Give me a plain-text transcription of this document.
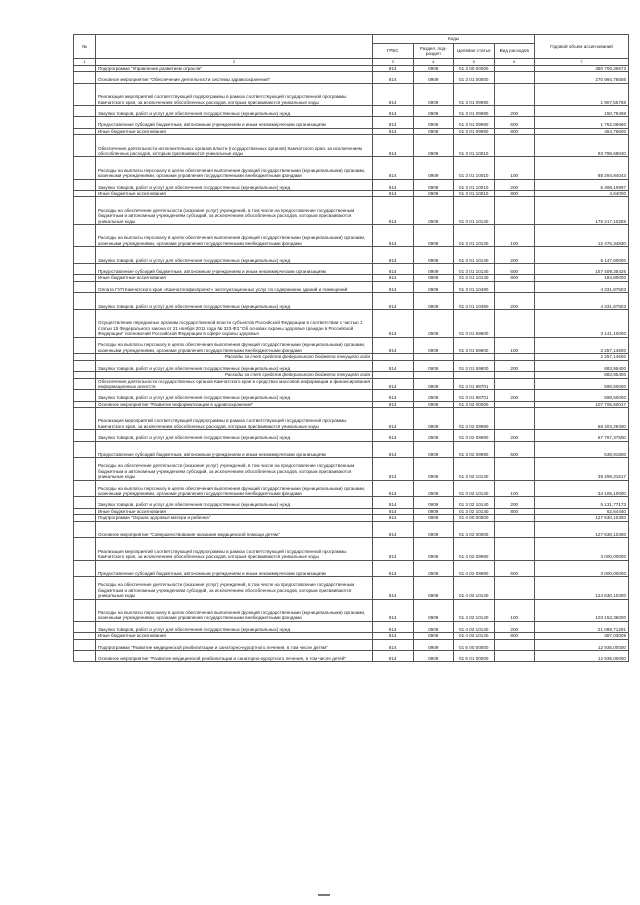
№		Коды				Годовой объем ассигнований
		ГРБС	Раздел, под-раздел	Целевая статья	Вид расходов	
1	2	3	4	5	6	7
	Подпрограмма "Управление развитием отрасли"	814	0909	01 3 00 00000		380 700,36573
	Основное мероприятие "Обеспечение деятельности системы здравоохранения"	814	0909	01 3 01 00000		270 994,76556
	Реализация мероприятий соответствующей подпрограммы в рамках соответствующей государственной программы Камчатского края, за исключением обособленных расходов, которым присваиваются уникальные коды	814	0909	01 3 01 09990		1 907,55758
	Закупка товаров, работ и услуг для обеспечения государственных (муниципальных) нужд	814	0909	01 3 01 09990	200	150,79498
	Предоставление субсидий бюджетным, автономным учреждениям и иным некоммерческим организациям	814	0909	01 3 01 09990	600	1 752,06660
	Иные бюджетные ассигнования	814	0909	01 3 01 09990	800	364,76600
	Обеспечение деятельности исполнительных органов власти (государственных органов) Камчатского края, за исключением обособленных расходов, которым присваиваются уникальные коды	814	0909	01 3 01 10010		93 798,69040
	Расходы на выплаты персоналу в целях обеспечения выполнения функций государственными (муниципальными) органами, казенными учреждениями, органами управления государственными внебюджетными фондами	814	0909	01 3 01 10010	100	88 294,94043
	Закупка товаров, работ и услуг для обеспечения государственных (муниципальных) нужд	814	0909	01 3 01 10010	200	5 499,10997
	Иные бюджетные ассигнования	814	0909	01 3 01 10010	800	4,64000
	Расходы на обеспечение деятельности (оказание услуг) учреждений, в том числе на предоставление государственным бюджетным и автономным учреждениям субсидий, за исключением обособленных расходов, которым присваиваются уникальные коды	814	0909	01 3 01 10140		175 217,10255
	Расходы на выплаты персоналу в целях обеспечения выполнения функций государственными (муниципальными) органами, казенными учреждениями, органами управления государственными внебюджетными фондами	814	0909	01 3 01 10140	100	12 475,34830
	Закупка товаров, работ и услуг для обеспечения государственных (муниципальных) нужд	814	0909	01 3 01 10140	200	5 147,60000
	Предоставление субсидий бюджетным, автономным учреждениям и иным некоммерческим организациям	814	0909	01 3 01 10140	600	157 409,35425
	Иные бюджетные ассигнования	814	0909	01 3 01 10140	800	184,80000
	Оплата ГУП Камчатского края «Камчатгеофизпроект» эксплуатационных услуг по содержанию зданий и помещений	814	0909	01 3 01 10490		4 331,87503
	Закупка товаров, работ и услуг для обеспечения государственных (муниципальных) нужд	814	0909	01 3 01 10490	200	4 331,87503
	Осуществление переданных органам государственной власти субъектов Российской Федерации в соответствии с частью 1 статьи 15 Федерального закона от 21 ноября 2011 года № 323-ФЗ "Об основах охраны здоровья граждан в Российской Федерации" полномочий Российской Федерации в сфере охраны здоровья	814	0909	01 3 01 59800		3 141,10000
	Расходы на выплаты персоналу в целях обеспечения выполнения функций государственными (муниципальными) органами, казенными учреждениями, органами управления государственными внебюджетными фондами	814	0909	01 3 01 59800	100	2 257,14600
	Расходы за счет средств федерального бюджета текущего года					2 257,14600
	Закупка товаров, работ и услуг для обеспечения государственных (муниципальных) нужд	814	0909	01 3 01 59800	200	883,95400
	Расходы за счет средств федерального бюджета текущего года					883,95400
	Обеспечение деятельности государственных органов Камчатского края в средствах массовой информации и финансирования информационных агентств	814	0909	01 3 01 98701		598,50000
	Закупка товаров, работ и услуг для обеспечения государственных (муниципальных) нужд	814	0909	01 3 01 98701	200	598,50000
	Основное мероприятие "Развитие информатизации в здравоохранении"	814	0909	01 3 02 00000		107 705,60017
	Реализация мероприятий соответствующей подпрограммы в рамках соответствующей государственной программы Камчатского края, за исключением обособленных расходов, которым присваиваются уникальные коды	814	0909	01 3 02 09990		68 403,28300
	Закупка товаров, работ и услуг для обеспечения государственных (муниципальных) нужд	814	0909	01 3 02 09990	200	67 767,37500
	Предоставление субсидий бюджетным, автономным учреждениям и иным некоммерческим организациям	814	0909	01 3 02 09990	600	639,91800
	Расходы на обеспечение деятельности (оказание услуг) учреждений, в том числе на предоставление государственным бюджетным и автономным учреждениям субсидий, за исключением обособленных расходов, которым присваиваются уникальные коды	814	0909	01 3 02 10140		39 299,31617
	Расходы на выплаты персоналу в целях обеспечения выполнения функций государственными (муниципальными) органами, казенными учреждениями, органами управления государственными внебюджетными фондами	814	0909	01 3 02 10140	100	34 105,10000
	Закупка товаров, работ и услуг для обеспечения государственных (муниципальных) нужд	814	0909	01 3 02 10140	200	5 131,77173
	Иные бюджетные ассигнования	814	0909	01 3 02 10140	800	62,64440
	Подпрограмма "Охрана здоровья матери и ребенка"	814	0909	01 4 00 00000		127 630,10300
	Основное мероприятие "Совершенствование оказания медицинской помощи детям"	814	0909	01 4 02 00000		127 630,10300
	Реализация мероприятий соответствующей подпрограммы в рамках соответствующей государственной программы Камчатского края, за исключением обособленных расходов, которым присваиваются уникальные коды	814	0909	01 4 02 09990		3 000,00000
	Предоставление субсидий бюджетным, автономным учреждениям и иным некоммерческим организациям	814	0909	01 4 02 09990	600	3 000,00000
	Расходы на обеспечение деятельности (оказание услуг) учреждений, в том числе на предоставление государственным бюджетным и автономным учреждениям субсидий, за исключением обособленных расходов, которым присваиваются уникальные коды	814	0909	01 4 02 10140		124 630,10300
	Расходы на выплаты персоналу в целях обеспечения выполнения функций государственными (муниципальными) органами, казенными учреждениями, органами управления государственными внебюджетными фондами	814	0909	01 4 02 10140	100	103 153,36000
	Закупка товаров, работ и услуг для обеспечения государственных (муниципальных) нужд	814	0909	01 4 02 10140	200	21 089,71291
	Иные бюджетные ассигнования	814	0909	01 4 02 10140	800	387,03009
	Подпрограмма "Развитие медицинской реабилитации и санаторно-курортного лечения, в том числе детям"	814	0909	01 5 00 00000		12 935,00000
	Основное мероприятие "Развитие медицинской реабилитации и санаторно-курортного лечения, в том числе детей"	814	0909	01 5 01 00000		12 935,00000
